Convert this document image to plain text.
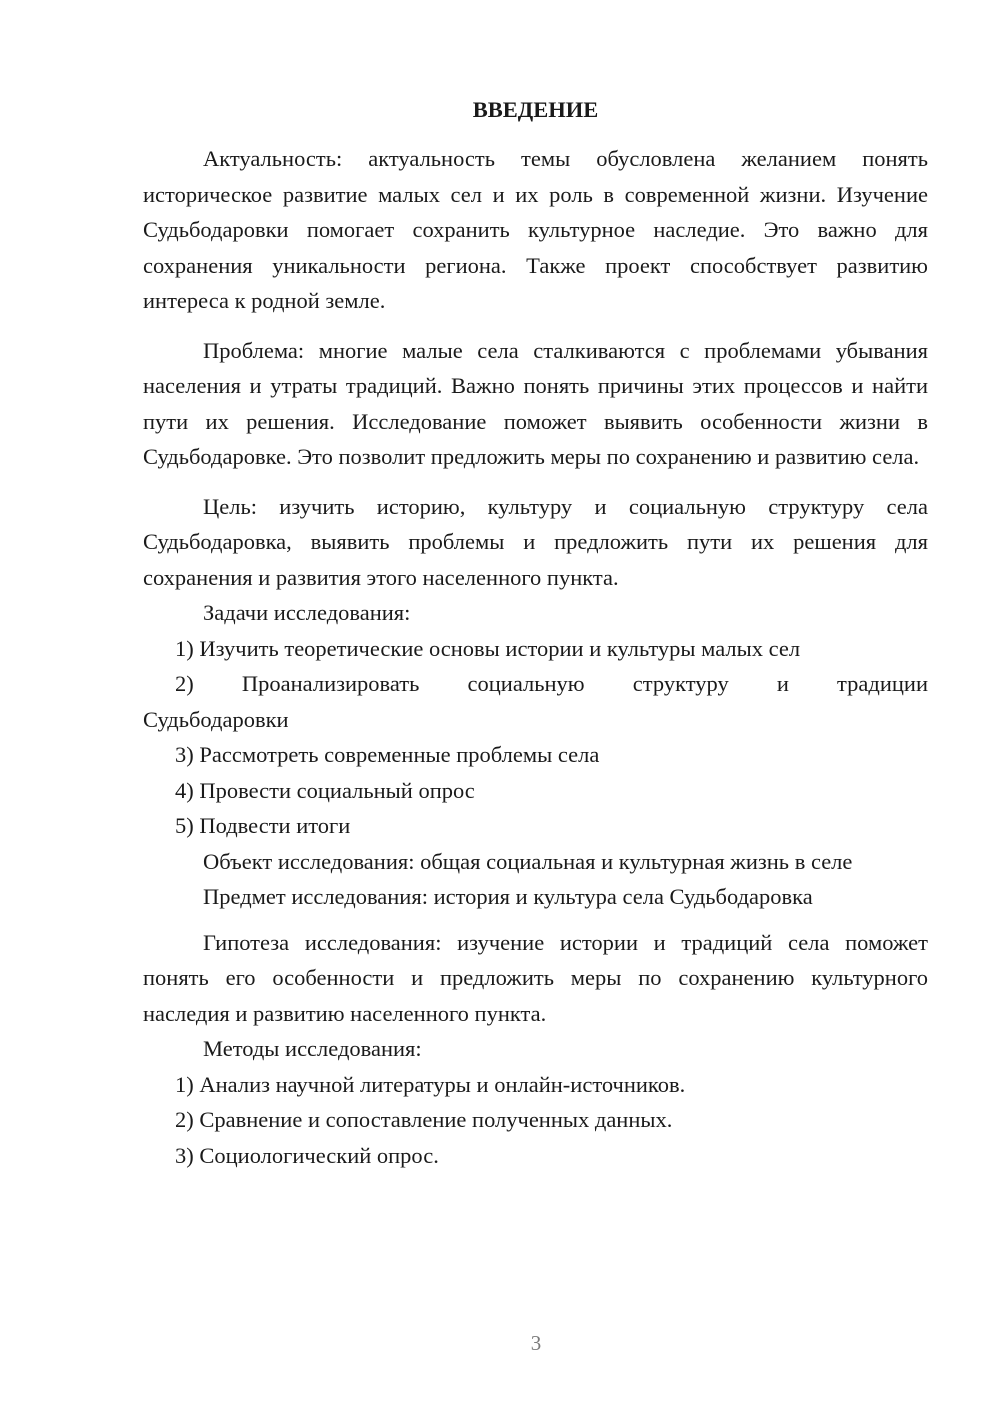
ВВЕДЕНИЕ

Актуальность: актуальность темы обусловлена желанием понять историческое развитие малых сел и их роль в современной жизни. Изучение Судьбодаровки помогает сохранить культурное наследие. Это важно для сохранения уникальности региона. Также проект способствует развитию интереса к родной земле.

Проблема: многие малые села сталкиваются с проблемами убывания населения и утраты традиций. Важно понять причины этих процессов и найти пути их решения. Исследование поможет выявить особенности жизни в Судьбодаровке. Это позволит предложить меры по сохранению и развитию села.

Цель: изучить историю, культуру и социальную структуру села Судьбодаровка, выявить проблемы и предложить пути их решения для сохранения и развития этого населенного пункта.

Задачи исследования:

1) Изучить теоретические основы истории и культуры малых сел

2) Проанализировать социальную структуру и традиции Судьбодаровки

3) Рассмотреть современные проблемы села

4) Провести социальный опрос

5) Подвести итоги

Объект исследования: общая социальная и культурная жизнь в селе

Предмет исследования: история и культура села Судьбодаровка

Гипотеза исследования: изучение истории и традиций села поможет понять его особенности и предложить меры по сохранению культурного наследия и развитию населенного пункта.

Методы исследования:

1) Анализ научной литературы и онлайн-источников.

2) Сравнение и сопоставление полученных данных.

3) Социологический опрос.

3
